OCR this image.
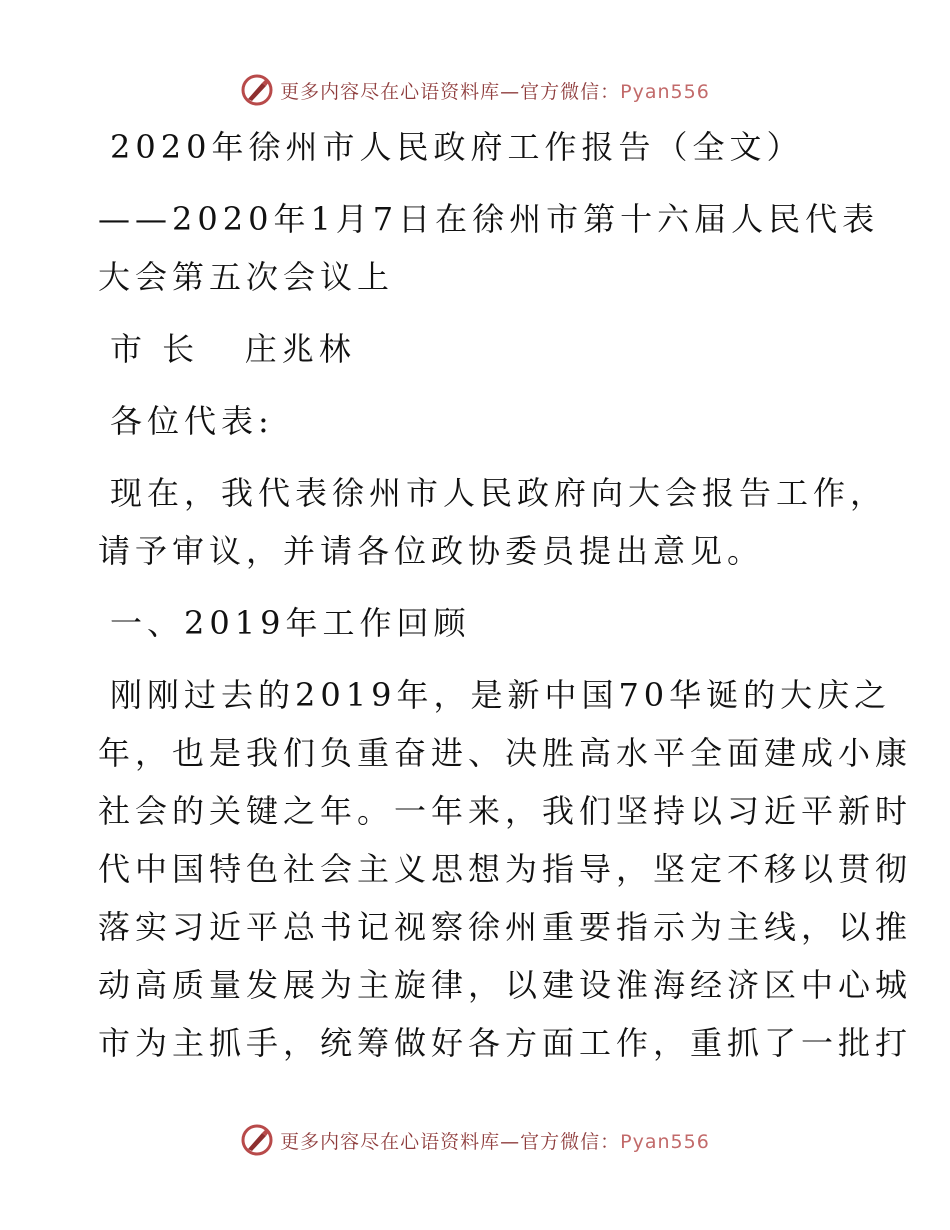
更多内容尽在心语资料库—官方微信：Pyan556
2020年徐州市人民政府工作报告（全文）
——2020年1月7日在徐州市第十六届人民代表
大会第五次会议上
市 长   庄兆林
各位代表:
现在，我代表徐州市人民政府向大会报告工作，
请予审议，并请各位政协委员提出意见。
一、2019年工作回顾
刚刚过去的2019年，是新中国70华诞的大庆之
年，也是我们负重奋进、决胜高水平全面建成小康
社会的关键之年。一年来，我们坚持以习近平新时
代中国特色社会主义思想为指导，坚定不移以贯彻
落实习近平总书记视察徐州重要指示为主线，以推
动高质量发展为主旋律，以建设淮海经济区中心城
市为主抓手，统筹做好各方面工作，重抓了一批打
更多内容尽在心语资料库—官方微信：Pyan556
